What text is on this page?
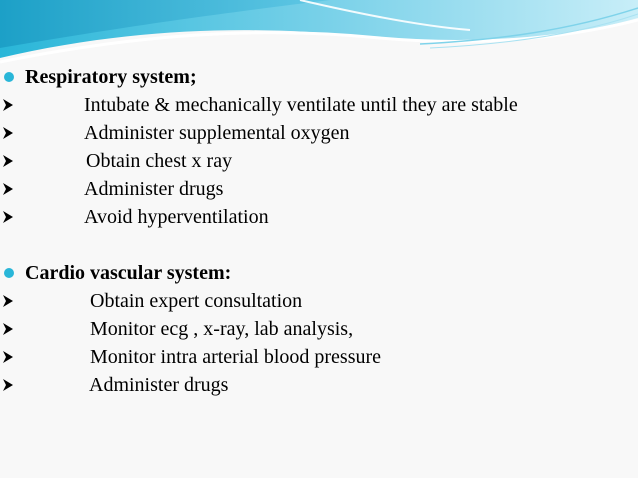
Respiratory system;
Intubate & mechanically ventilate until they are stable
Administer supplemental oxygen
Obtain chest x ray
Administer drugs
Avoid hyperventilation
Cardio vascular system:
Obtain expert consultation
Monitor ecg , x-ray, lab analysis,
Monitor intra arterial blood pressure
Administer drugs
